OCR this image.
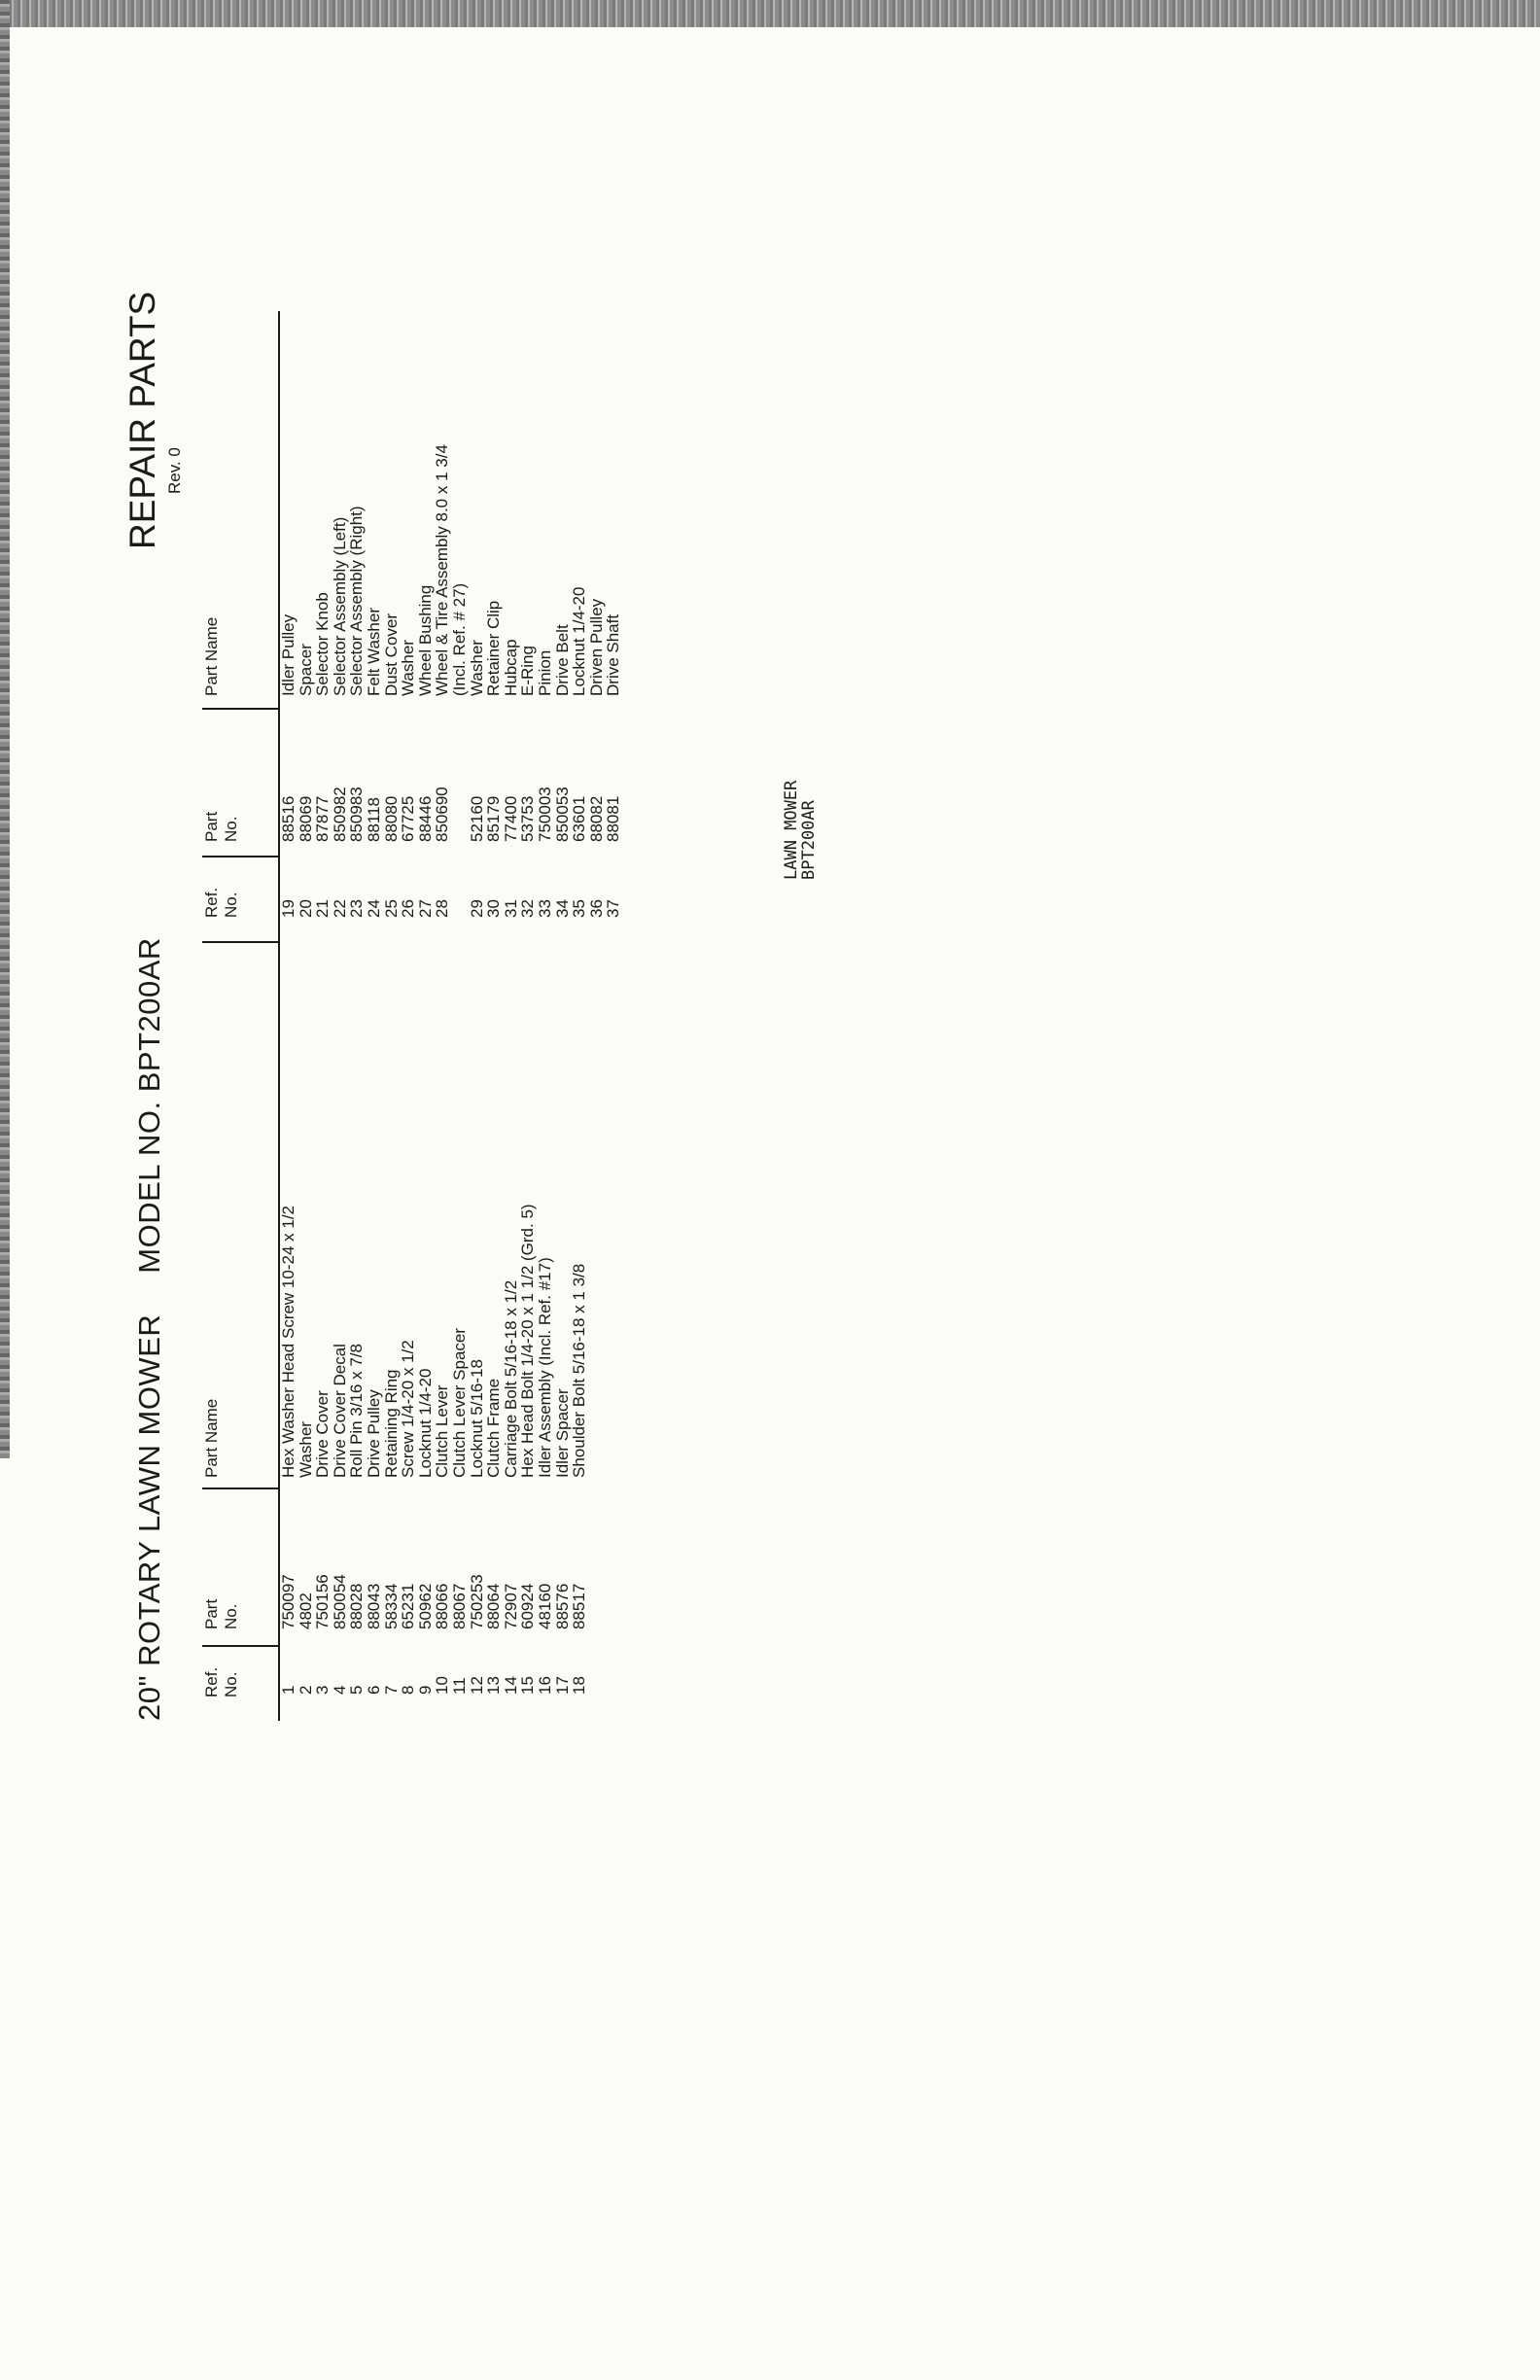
LAWN MOWER
BPT200AR
20" ROTARY LAWN MOWERMODEL NO. BPT200AR
REPAIR PARTS Rev. 0
Ref.
No.
Part
No.
Part Name
Ref.
No.
Part
No.
Part Name
1
2
3
4
5
6
7
8
9
10
11
12
13
14
15
16
17
18
750097
4802
750156
850054
88028
88043
58334
65231
50962
88066
88067
750253
88064
72907
60924
48160
88576
88517
Hex Washer Head Screw 10-24 x 1/2
Washer
Drive Cover
Drive Cover Decal
Roll Pin 3/16 x 7/8
Drive Pulley
Retaining Ring
Screw 1/4-20 x 1/2
Locknut 1/4-20
Clutch Lever
Clutch Lever Spacer
Locknut 5/16-18
Clutch Frame
Carriage Bolt 5/16-18 x 1/2
Hex Head Bolt 1/4-20 x 1 1/2 (Grd. 5)
Idler Assembly (Incl. Ref. #17)
Idler Spacer
Shoulder Bolt 5/16-18 x 1 3/8
19
20
21
22
23
24
25
26
27
28 29
30
31
32
33
34
35
36
37
88516
88069
87877
850982
850983
88118
88080
67725
88446
850690 52160
85179
77400
53753
750003
850053
63601
88082
88081
Idler Pulley
Spacer
Selector Knob
Selector Assembly (Left)
Selector Assembly (Right)
Felt Washer
Dust Cover
Washer
Wheel Bushing
Wheel & Tire Assembly 8.0 x 1 3/4
(Incl. Ref. # 27)
Washer
Retainer Clip
Hubcap
E-Ring
Pinion
Drive Belt
Locknut 1/4-20
Driven Pulley
Drive Shaft
